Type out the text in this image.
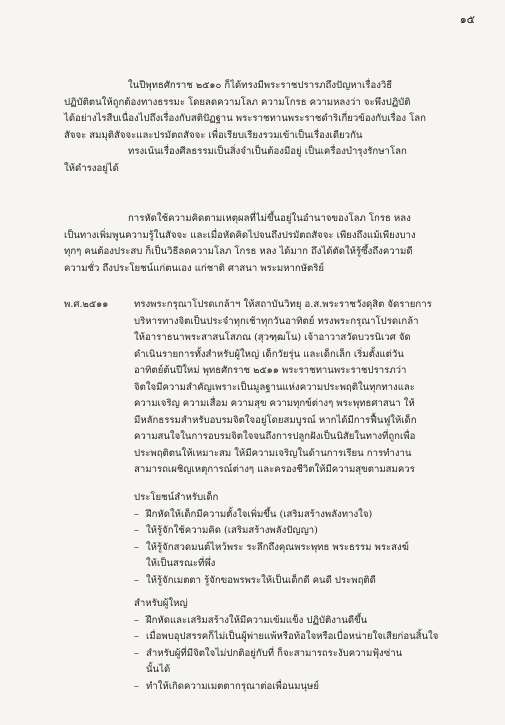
๑๕
ในปีพุทธศักราช ๒๕๑๐ ก็ได้ทรงมีพระราชปรารภถึงปัญหาเรื่องวิธี
ปฏิบัติตนให้ถูกต้องทางธรรมะ โดยลดความโลภ ความโกรธ ความหลงว่า จะพึงปฏิบัติ
ได้อย่างไรสืบเนื่องไปถึงเรื่องกับสติปัฏฐาน พระราชทานพระราชดำริเกี่ยวข้องกับเรื่อง โลก
สัจจะ สมมุติสัจจะและปรมัตถสัจจะ เพื่อเรียบเรียงรวมเข้าเป็นเรื่องเดียวกัน
ทรงเน้นเรื่องศีลธรรมเป็นสิ่งจำเป็นต้องมีอยู่ เป็นเครื่องบำรุงรักษาโลก
ให้ดำรงอยู่ได้
การหัดใช้ความคิดตามเหตุผลที่ไม่ขึ้นอยู่ในอำนาจของโลภ โกรธ หลง
เป็นทางเพิ่มพูนความรู้ในสัจจะ และเมื่อหัดคิดไปจนถึงปรมัตถสัจจะ เพียงถึงแม้เพียงบาง
ทุกๆ คนต้องประสบ ก็เป็นวิธีลดความโลภ โกรธ หลง ได้มาก ถึงได้ตัดให้รู้ซึ้งถึงความดี
ความชั่ว ถึงประโยชน์แก่ตนเอง แก่ชาติ ศาสนา พระมหากษัตริย์
พ.ศ.๒๕๑๑	ทรงพระกรุณาโปรดเกล้าฯ ให้สถาบันวิทยุ อ.ส.พระราชวังดุสิต จัดรายการ
บริหารทางจิตเป็นประจำทุกเช้าทุกวันอาทิตย์ ทรงพระกรุณาโปรดเกล้า
ให้อาราธนาพระสาสนโสภณ (สุวฑฺฒโน) เจ้าอาวาสวัดบวรนิเวศ จัด
ดำเนินรายการทั้งสำหรับผู้ใหญ่ เด็กวัยรุ่น และเด็กเล็ก เริ่มตั้งแต่วัน
อาทิตย์ต้นปีใหม่ พุทธศักราช ๒๕๑๑ พระราชทานพระราชปรารภว่า
จิตใจมีความสำคัญเพราะเป็นมูลฐานแห่งความประพฤติในทุกทางและ
ความเจริญ ความเสื่อม ความสุข ความทุกข์ต่างๆ พระพุทธศาสนา ให้
มีหลักธรรมสำหรับอบรมจิตใจอยู่โดยสมบูรณ์ หากได้มีการฟื้นฟูให้เด็ก
ความสนใจในการอบรมจิตใจจนถึงการปลูกฝังเป็นนิสัยในทางที่ถูกเพื่อ
ประพฤติตนให้เหมาะสม ให้มีความเจริญในด้านการเรียน การทำงาน
สามารถเผชิญเหตุการณ์ต่างๆ และครองชีวิตให้มีความสุขตามสมควร
ประโยชน์สำหรับเด็ก
– ฝึกหัดให้เด็กมีความตั้งใจเพิ่มขึ้น (เสริมสร้างพลังทางใจ)
– ให้รู้จักใช้ความคิด (เสริมสร้างพลังปัญญา)
– ให้รู้จักสวดมนต์ไหว้พระ ระลึกถึงคุณพระพุทธ พระธรรม พระสงฆ์
ให้เป็นสรณะที่พึ่ง
– ให้รู้จักเมตตา รู้จักขอพรพระให้เป็นเด็กดี คนดี ประพฤติดี
สำหรับผู้ใหญ่
– ฝึกหัดและเสริมสร้างให้มีความเข้มแข็ง ปฏิบัติงานดีขึ้น
– เมื่อพบอุปสรรคก็ไม่เป็นผู้พ่ายแพ้หรือท้อใจหรือเบื่อหน่ายใจเสียก่อนสิ้นใจ
– สำหรับผู้ที่มีจิตใจไม่ปกติอยู่กับที่ ก็จะสามารถระงับความฟุ้งซ่าน
นั้นได้
– ทำให้เกิดความเมตตากรุณาต่อเพื่อนมนุษย์
